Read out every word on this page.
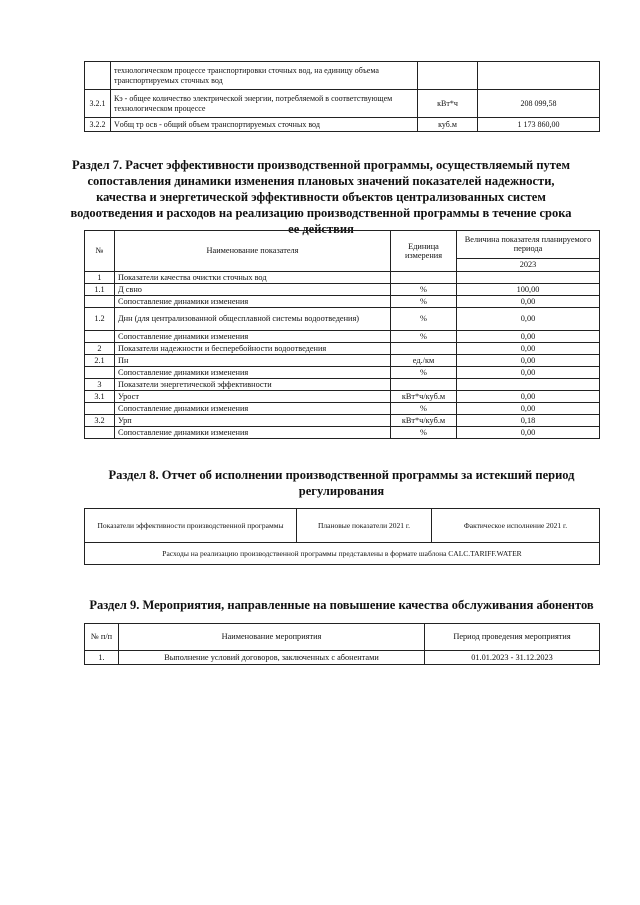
	технологическом процессе транспортировки сточных вод, на единицу объема транспортируемых сточных вод		
3.2.1	Кэ - общее количество электрической энергии, потребляемой в соответствующем технологическом процессе	кВт*ч	208 099,58
3.2.2	Vобщ тр осв - общий объем транспортируемых сточных вод	куб.м	1 173 860,00
Раздел 7. Расчет эффективности производственной программы, осуществляемый путем сопоставления динамики изменения плановых значений показателей надежности, качества и энергетической эффективности объектов централизованных систем водоотведения и расходов на реализацию производственной программы в течение срока ее действия
№	Наименование показателя	Единица измерения	Величина показателя планируемого периода
			2023
1	Показатели качества очистки сточных вод		
1.1	Д свно	%	100,00
	Сопоставление динамики изменения	%	0,00
1.2	Днн (для централизованной общесплавной системы водоотведения)	%	0,00
	Сопоставление динамики изменения	%	0,00
2	Показатели надежности и бесперебойности водоотведения		0,00
2.1	Пн	ед./км	0,00
	Сопоставление динамики изменения	%	0,00
3	Показатели энергетической эффективности		
3.1	Урост	кВт*ч/куб.м	0,00
	Сопоставление динамики изменения	%	0,00
3.2	Урп	кВт*ч/куб.м	0,18
	Сопоставление динамики изменения	%	0,00
Раздел 8. Отчет об исполнении производственной программы за истекший период регулирования
Показатели эффективности производственной программы	Плановые показатели 2021 г.	Фактическое исполнение 2021 г.
Расходы на реализацию производственной программы представлены в формате шаблона CALC.TARIFF.WATER
Раздел 9. Мероприятия, направленные на повышение качества обслуживания абонентов
№ п/п	Наименование мероприятия	Период проведения мероприятия
1.	Выполнение условий договоров, заключенных с абонентами	01.01.2023 - 31.12.2023
